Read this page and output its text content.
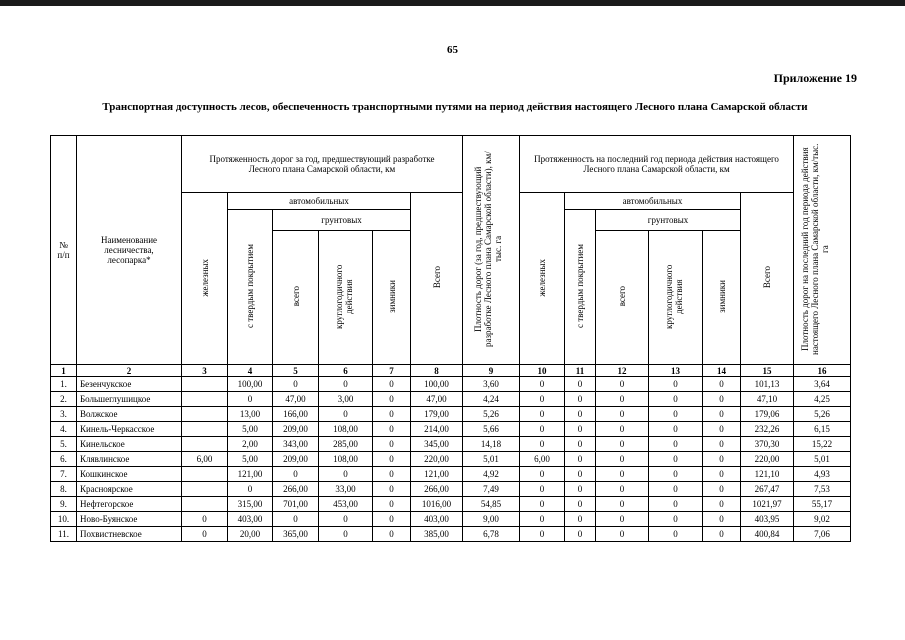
65
Приложение 19
Транспортная доступность лесов, обеспеченность транспортными путями на период действия настоящего Лесного плана Самарской области
№
п/п	Наименование лесничества, лесопарка*	Протяженность дорог за год, предшествующий разработке Лесного плана Самарской области, км						Плотность дорог (за год, предшествующий разработке Лесного плана Самарской области), км/тыс. га	Протяженность на последний год периода действия настоящего Лесного плана Самарской области, км						Плотность дорог на последний год периода действия настоящего Лесного плана Самарской области, км/тыс. га
		железных	автомобильных				Всего		железных	автомобильных				Всего	
			с твердым покрытием	грунтовых						с твердым покрытием	грунтовых				
				всего	круглогодичного действия	зимники					всего	круглогодичного действия	зимники		
1	2	3	4	5	6	7	8	9	10	11	12	13	14	15	16
1.	Безенчукское		100,00	0	0	0	100,00	3,60	0	0	0	0	0	101,13	3,64
2.	Большеглушицкое		0	47,00	3,00	0	47,00	4,24	0	0	0	0	0	47,10	4,25
3.	Волжское		13,00	166,00	0	0	179,00	5,26	0	0	0	0	0	179,06	5,26
4.	Кинель-Черкасское		5,00	209,00	108,00	0	214,00	5,66	0	0	0	0	0	232,26	6,15
5.	Кинельское		2,00	343,00	285,00	0	345,00	14,18	0	0	0	0	0	370,30	15,22
6.	Клявлинское	6,00	5,00	209,00	108,00	0	220,00	5,01	6,00	0	0	0	0	220,00	5,01
7.	Кошкинское		121,00	0	0	0	121,00	4,92	0	0	0	0	0	121,10	4,93
8.	Красноярское		0	266,00	33,00	0	266,00	7,49	0	0	0	0	0	267,47	7,53
9.	Нефтегорское		315,00	701,00	453,00	0	1016,00	54,85	0	0	0	0	0	1021,97	55,17
10.	Ново-Буянское	0	403,00	0	0	0	403,00	9,00	0	0	0	0	0	403,95	9,02
11.	Похвистневское	0	20,00	365,00	0	0	385,00	6,78	0	0	0	0	0	400,84	7,06
